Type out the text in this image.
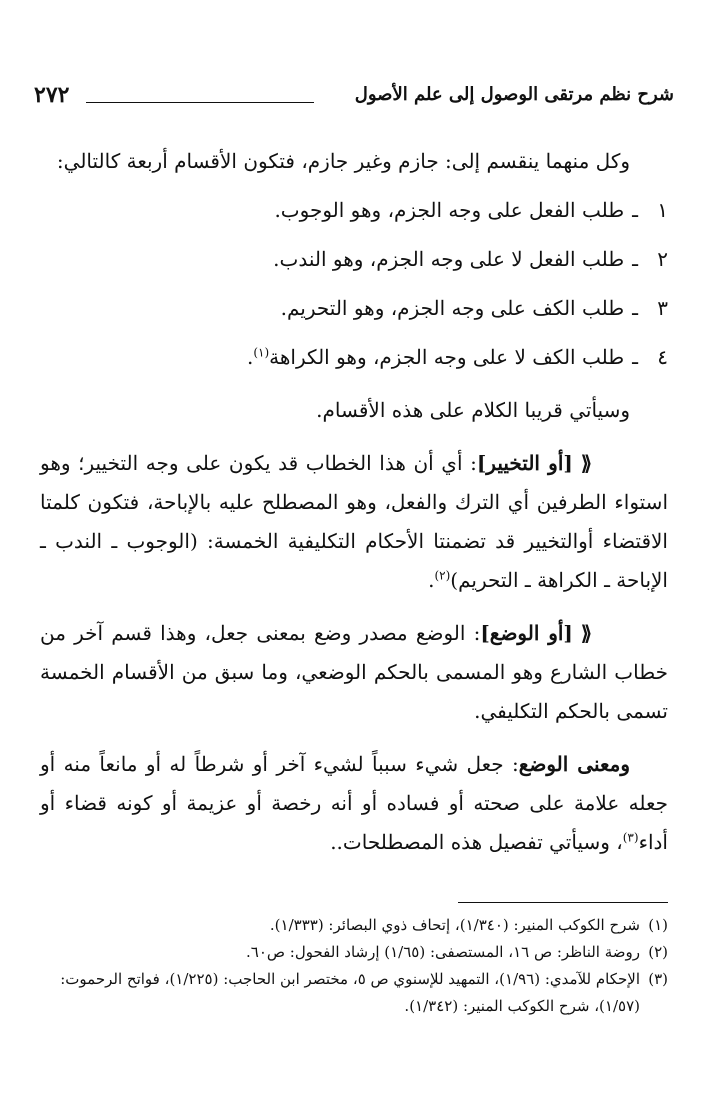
٢٧٢	شرح نظم مرتقى الوصول إلى علم الأصول

وكل منهما ينقسم إلى: جازم وغير جازم، فتكون الأقسام أربعة كالتالي:

١
ـ
طلب الفعل على وجه الجزم، وهو الوجوب.
٢
ـ
طلب الفعل لا على وجه الجزم، وهو الندب.
٣
ـ
طلب الكف على وجه الجزم، وهو التحريم.
٤
ـ
طلب الكف لا على وجه الجزم، وهو الكراهة$^{(١)}$.

وسيأتي قريبا الكلام على هذه الأقسام.

⟪[أو التخيير]: أي أن هذا الخطاب قد يكون على وجه التخيير؛ وهو استواء الطرفين أي الترك والفعل، وهو المصطلح عليه بالإباحة، فتكون كلمتا الاقتضاء أوالتخيير قد تضمنتا الأحكام التكليفية الخمسة: (الوجوب ـ الندب ـ الإباحة ـ الكراهة ـ التحريم)$^{(٢)}$.

⟪[أو الوضع]: الوضع مصدر وضع بمعنى جعل، وهذا قسم آخر من خطاب الشارع وهو المسمى بالحكم الوضعي، وما سبق من الأقسام الخمسة تسمى بالحكم التكليفي.

ومعنى الوضع: جعل شيء سبباً لشيء آخر أو شرطاً له أو مانعاً منه أو جعله علامة على صحته أو فساده أو أنه رخصة أو عزيمة أو كونه قضاء أو أداء$^{(٣)}$، وسيأتي تفصيل هذه المصطلحات..

(١)
شرح الكوكب المنير: (١/٣٤٠)، إتحاف ذوي البصائر: (١/٣٣٣).
(٢)
روضة الناظر: ص ١٦، المستصفى: (١/٦٥) إرشاد الفحول: ص٦٠.
(٣)
الإحكام للآمدي: (١/٩٦)، التمهيد للإسنوي ص ٥، مختصر ابن الحاجب: (١/٢٢٥)، فواتح الرحموت: (١/٥٧)، شرح الكوكب المنير: (١/٣٤٢).
